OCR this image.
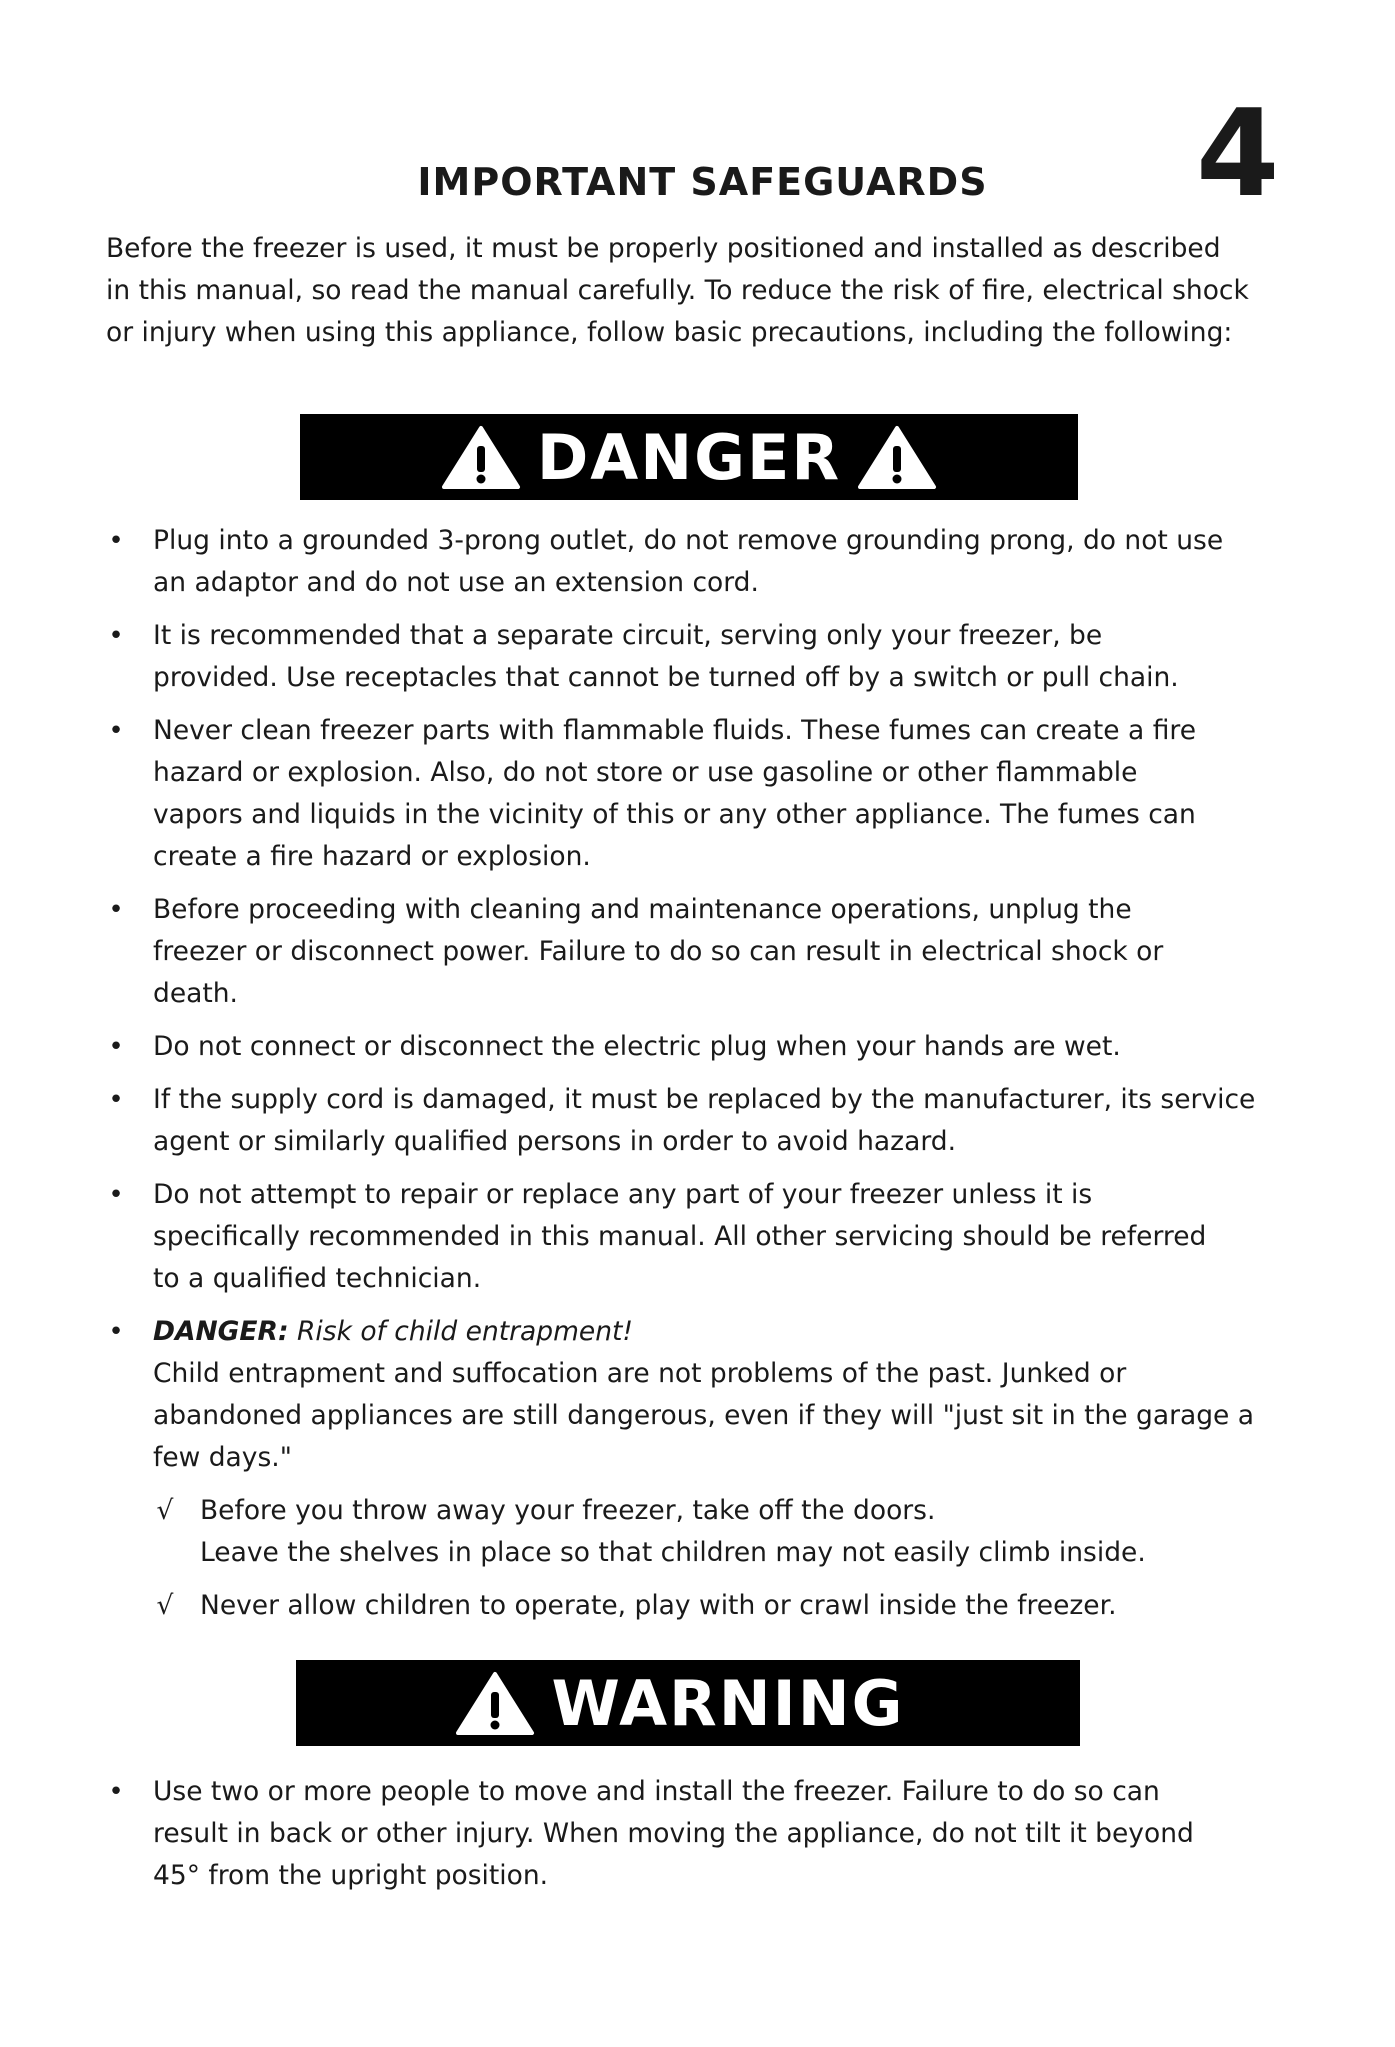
4
IMPORTANT SAFEGUARDS
Before the freezer is used, it must be properly positioned and installed as described
in this manual, so read the manual carefully. To reduce the risk of fire, electrical shock
or injury when using this appliance, follow basic precautions, including the following:
DANGER
• Plug into a grounded 3-prong outlet, do not remove grounding prong, do not use
an adaptor and do not use an extension cord.
• It is recommended that a separate circuit, serving only your freezer, be
provided. Use receptacles that cannot be turned off by a switch or pull chain.
• Never clean freezer parts with flammable fluids. These fumes can create a fire
hazard or explosion. Also, do not store or use gasoline or other flammable
vapors and liquids in the vicinity of this or any other appliance. The fumes can
create a fire hazard or explosion.
• Before proceeding with cleaning and maintenance operations, unplug the
freezer or disconnect power. Failure to do so can result in electrical shock or
death.
• Do not connect or disconnect the electric plug when your hands are wet.
• If the supply cord is damaged, it must be replaced by the manufacturer, its service
agent or similarly qualified persons in order to avoid hazard.
• Do not attempt to repair or replace any part of your freezer unless it is
specifically recommended in this manual. All other servicing should be referred
to a qualified technician.
• DANGER: Risk of child entrapment!
Child entrapment and suffocation are not problems of the past. Junked or
abandoned appliances are still dangerous, even if they will "just sit in the garage a
few days."
√ Before you throw away your freezer, take off the doors.
Leave the shelves in place so that children may not easily climb inside.
√ Never allow children to operate, play with or crawl inside the freezer.
WARNING
• Use two or more people to move and install the freezer. Failure to do so can
result in back or other injury. When moving the appliance, do not tilt it beyond
45° from the upright position.
